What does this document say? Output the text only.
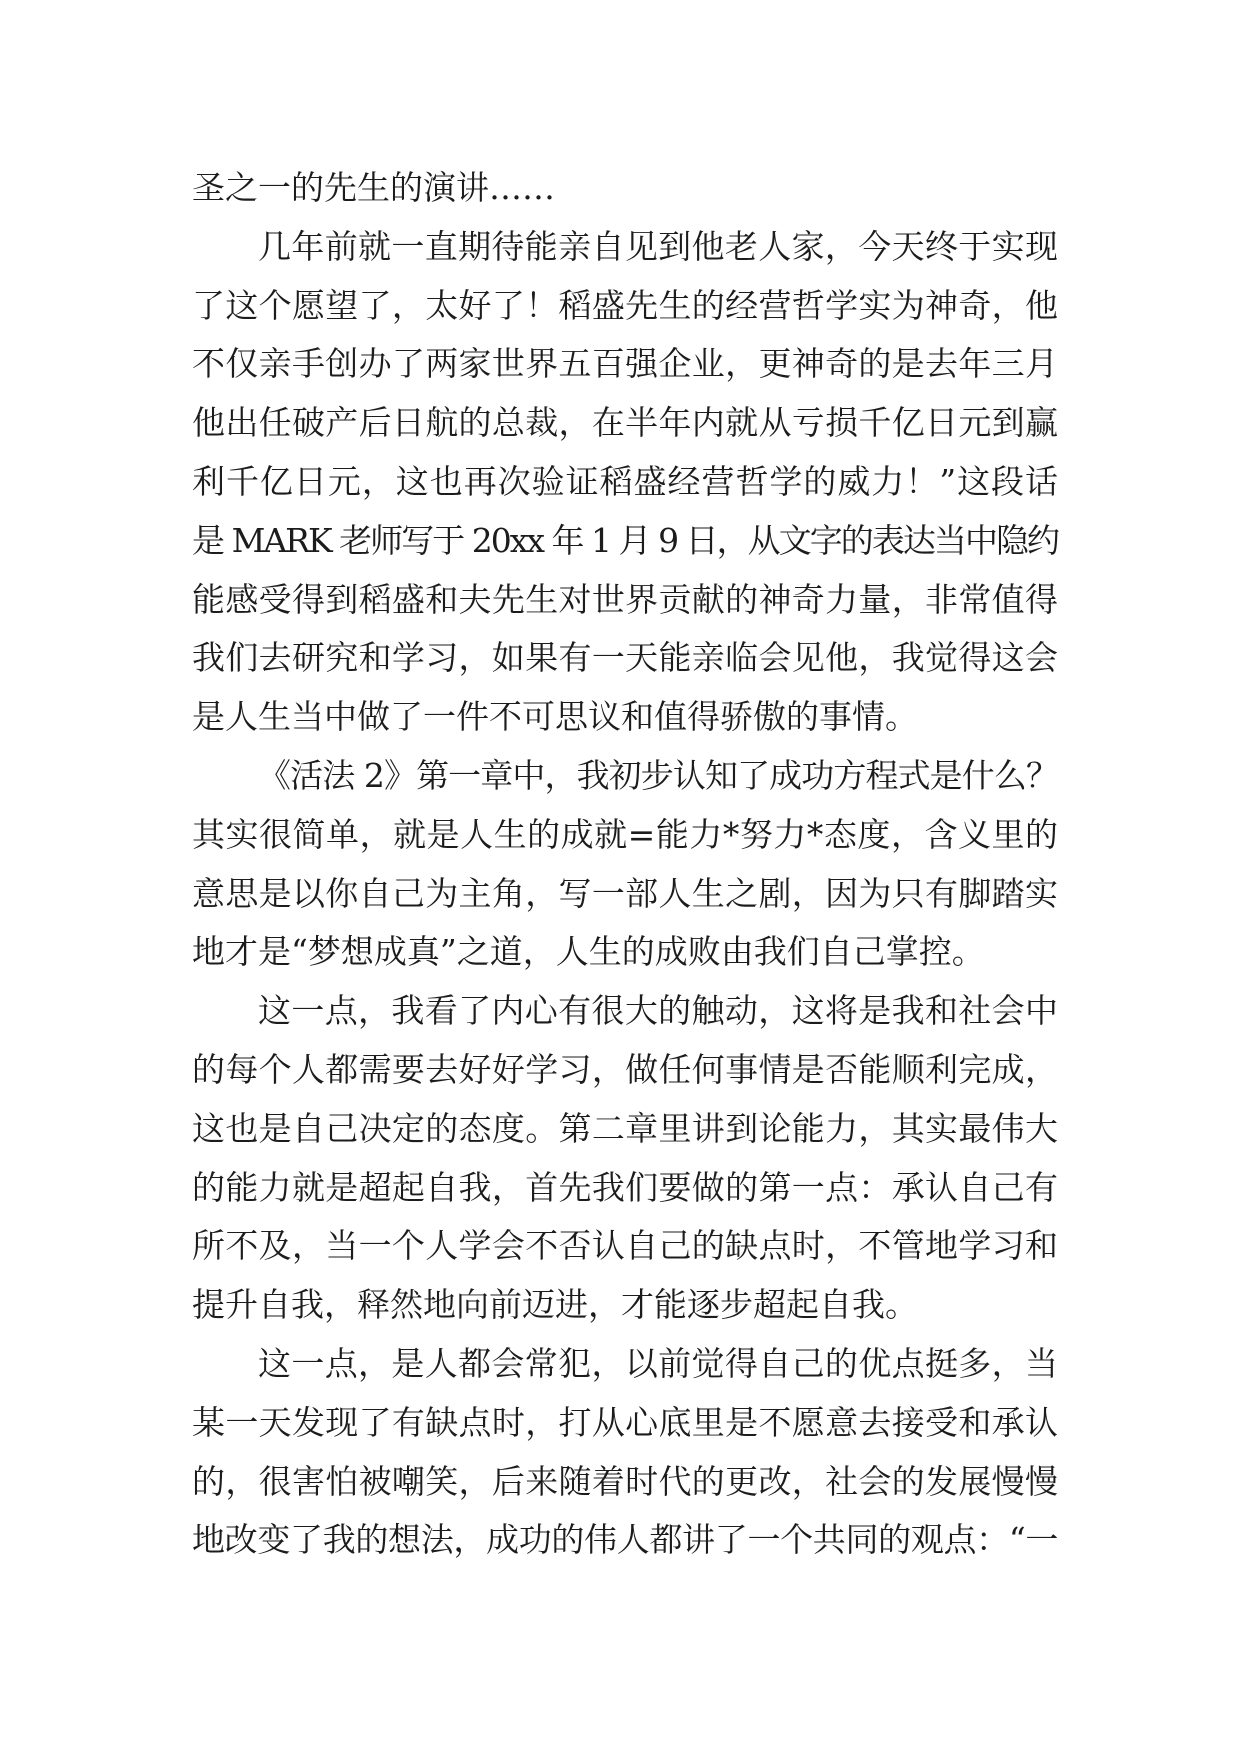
圣之一的先生的演讲……

几年前就一直期待能亲自见到他老人家，今天终于实现
了这个愿望了，太好了！稻盛先生的经营哲学实为神奇，他
不仅亲手创办了两家世界五百强企业，更神奇的是去年三月
他出任破产后日航的总裁，在半年内就从亏损千亿日元到赢
利千亿日元，这也再次验证稻盛经营哲学的威力！”这段话
是 MARK 老师写于 20xx 年 1 月 9 日，从文字的表达当中隐约
能感受得到稻盛和夫先生对世界贡献的神奇力量，非常值得
我们去研究和学习，如果有一天能亲临会见他，我觉得这会
是人生当中做了一件不可思议和值得骄傲的事情。

《活法 2》第一章中，我初步认知了成功方程式是什么？
其实很简单，就是人生的成就=能力*努力*态度，含义里的
意思是以你自己为主角，写一部人生之剧，因为只有脚踏实
地才是“梦想成真”之道，人生的成败由我们自己掌控。

这一点，我看了内心有很大的触动，这将是我和社会中
的每个人都需要去好好学习，做任何事情是否能顺利完成，
这也是自己决定的态度。第二章里讲到论能力，其实最伟大
的能力就是超起自我，首先我们要做的第一点：承认自己有
所不及，当一个人学会不否认自己的缺点时，不管地学习和
提升自我，释然地向前迈进，才能逐步超起自我。

这一点，是人都会常犯，以前觉得自己的优点挺多，当
某一天发现了有缺点时，打从心底里是不愿意去接受和承认
的，很害怕被嘲笑，后来随着时代的更改，社会的发展慢慢
地改变了我的想法，成功的伟人都讲了一个共同的观点：“一
